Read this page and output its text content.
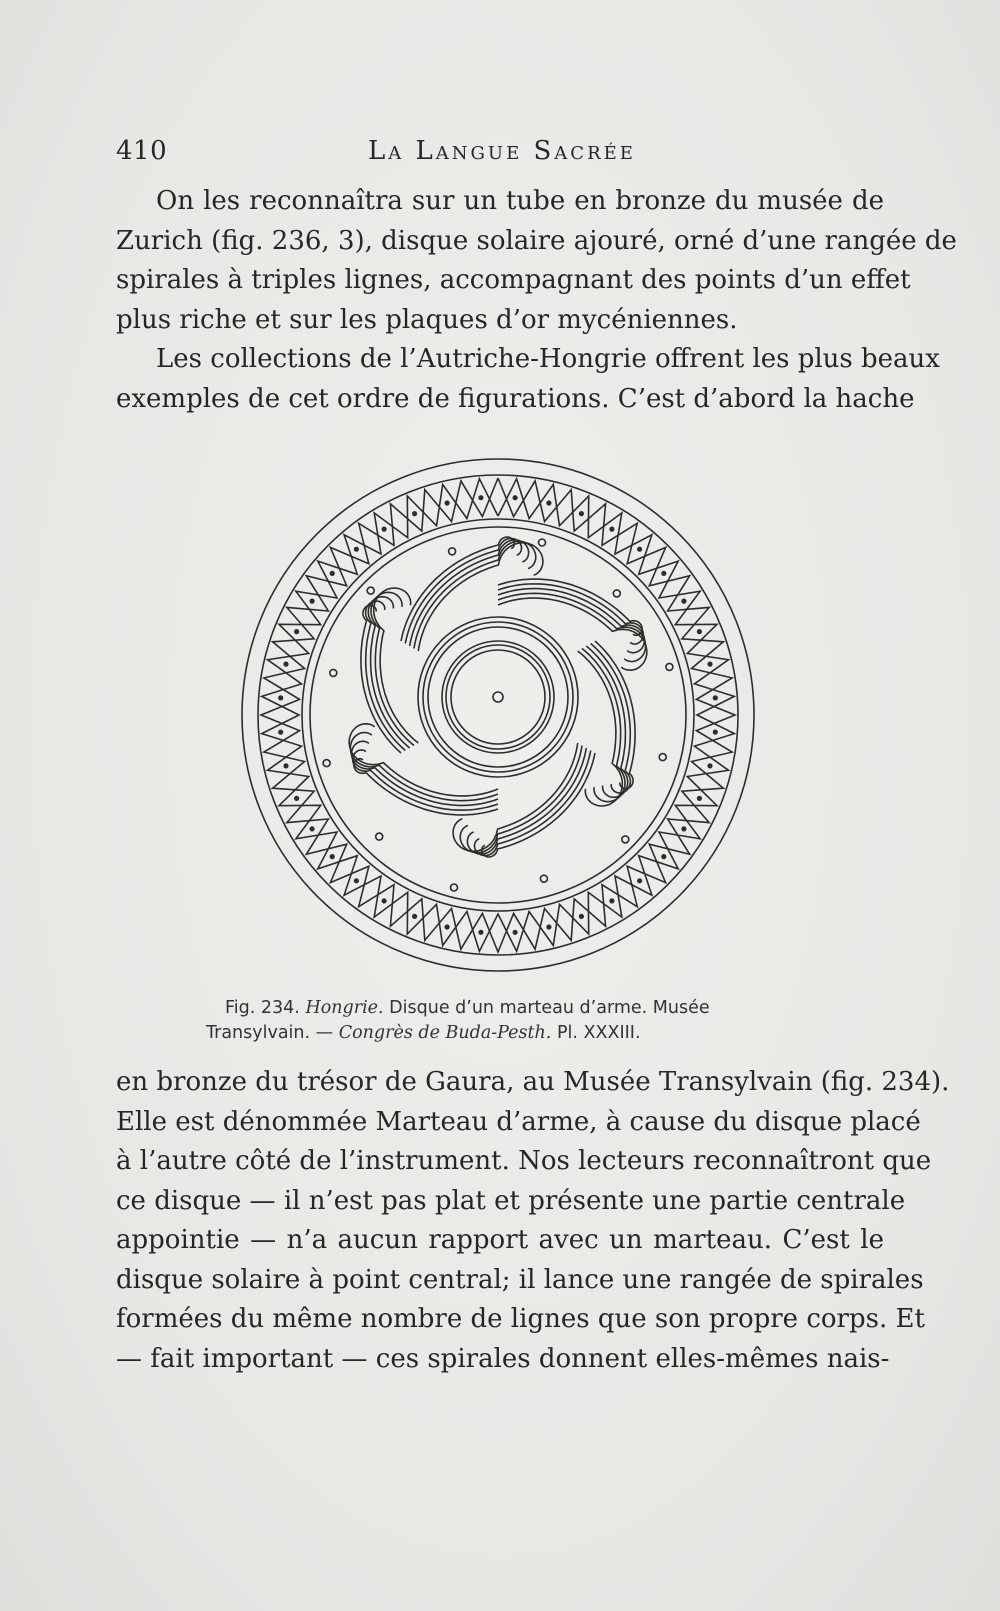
410	La Langue Sacrée
On les reconnaîtra sur un tube en bronze du musée de
Zurich (fig. 236, 3), disque solaire ajouré, orné d’une rangée de
spirales à triples lignes, accompagnant des points d’un effet
plus riche et sur les plaques d’or mycéniennes.
Les collections de l’Autriche-Hongrie offrent les plus beaux
exemples de cet ordre de figurations. C’est d’abord la hache
Fig. 234. Hongrie. Disque d’un marteau d’arme. Musée
Transylvain. — Congrès de Buda-Pesth. Pl. XXXIII.
en bronze du trésor de Gaura, au Musée Transylvain (fig. 234).
Elle est dénommée Marteau d’arme, à cause du disque placé
à l’autre côté de l’instrument. Nos lecteurs reconnaîtront que
ce disque — il n’est pas plat et présente une partie centrale
appointie — n’a aucun rapport avec un marteau. C’est le
disque solaire à point central; il lance une rangée de spirales
formées du même nombre de lignes que son propre corps. Et
— fait important — ces spirales donnent elles-mêmes nais-
